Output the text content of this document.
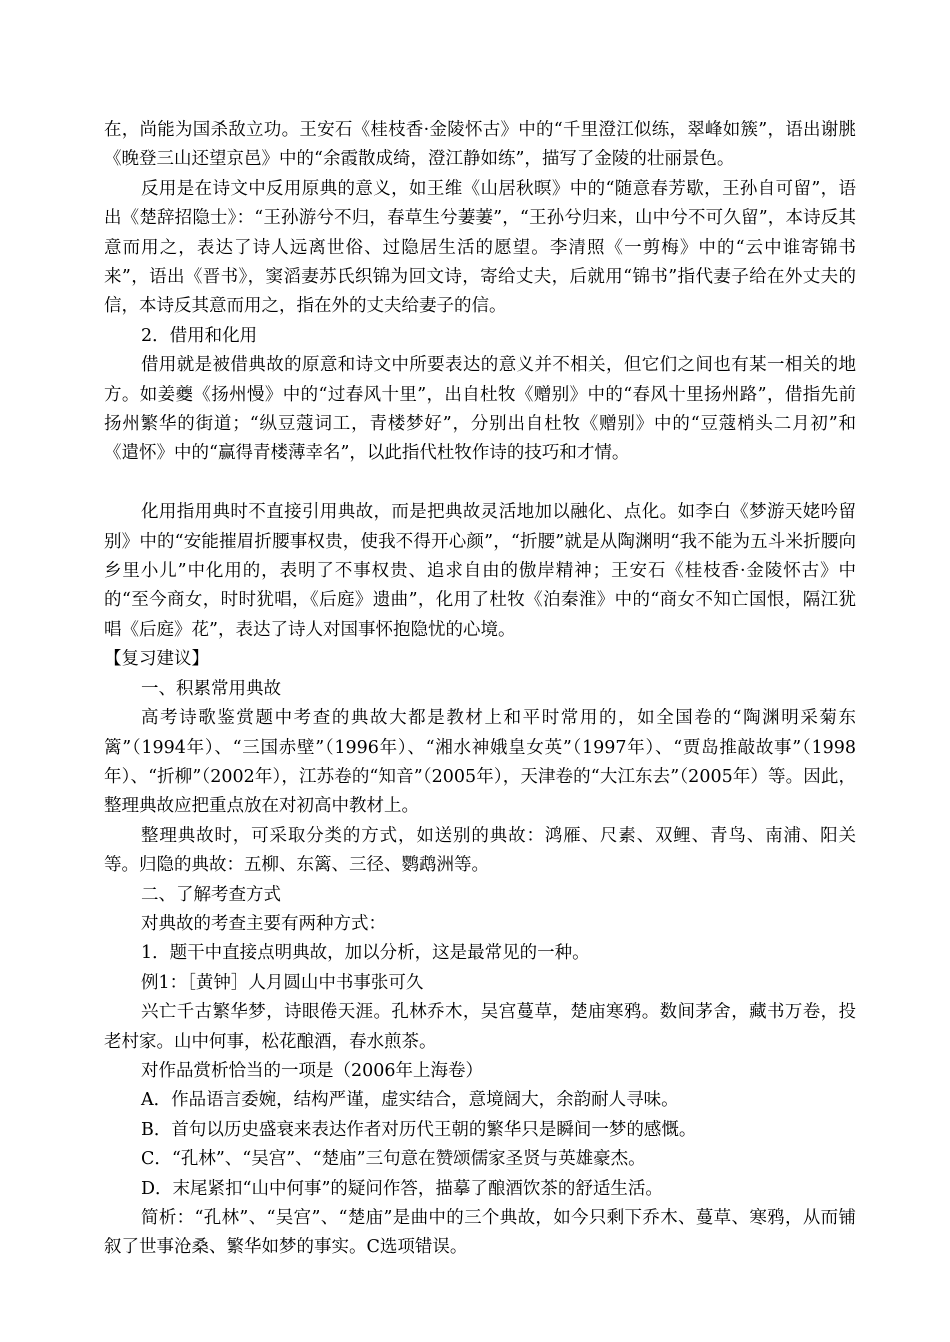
在，尚能为国杀敌立功。王安石《桂枝香·金陵怀古》中的“千里澄江似练，翠峰如簇”，语出谢朓《晚登三山还望京邑》中的“余霞散成绮，澄江静如练”，描写了金陵的壮丽景色。

反用是在诗文中反用原典的意义，如王维《山居秋暝》中的“随意春芳歇，王孙自可留”，语出《楚辞招隐士》：“王孙游兮不归，春草生兮萋萋”，“王孙兮归来，山中兮不可久留”，本诗反其意而用之，表达了诗人远离世俗、过隐居生活的愿望。李清照《一剪梅》中的“云中谁寄锦书来”，语出《晋书》，窦滔妻苏氏织锦为回文诗，寄给丈夫，后就用“锦书”指代妻子给在外丈夫的信，本诗反其意而用之，指在外的丈夫给妻子的信。

2．借用和化用

借用就是被借典故的原意和诗文中所要表达的意义并不相关，但它们之间也有某一相关的地方。如姜夔《扬州慢》中的“过春风十里”，出自杜牧《赠别》中的“春风十里扬州路”，借指先前扬州繁华的街道；“纵豆蔻词工，青楼梦好”，分别出自杜牧《赠别》中的“豆蔻梢头二月初”和《遣怀》中的“赢得青楼薄幸名”，以此指代杜牧作诗的技巧和才情。

化用指用典时不直接引用典故，而是把典故灵活地加以融化、点化。如李白《梦游天姥吟留别》中的“安能摧眉折腰事权贵，使我不得开心颜”，“折腰”就是从陶渊明“我不能为五斗米折腰向乡里小儿”中化用的，表明了不事权贵、追求自由的傲岸精神；王安石《桂枝香·金陵怀古》中的“至今商女，时时犹唱，《后庭》遗曲”，化用了杜牧《泊秦淮》中的“商女不知亡国恨，隔江犹唱《后庭》花”，表达了诗人对国事怀抱隐忧的心境。

【复习建议】

一、积累常用典故

高考诗歌鉴赏题中考查的典故大都是教材上和平时常用的，如全国卷的“陶渊明采菊东篱”（1994年）、“三国赤壁”（1996年）、“湘水神娥皇女英”（1997年）、“贾岛推敲故事”（1998年）、“折柳”（2002年），江苏卷的“知音”（2005年），天津卷的“大江东去”（2005年）等。因此，整理典故应把重点放在对初高中教材上。

整理典故时，可采取分类的方式，如送别的典故：鸿雁、尺素、双鲤、青鸟、南浦、阳关等。归隐的典故：五柳、东篱、三径、鹦鹉洲等。

二、了解考查方式

对典故的考查主要有两种方式：

1．题干中直接点明典故，加以分析，这是最常见的一种。

例1：［黄钟］人月圆山中书事张可久

兴亡千古繁华梦，诗眼倦天涯。孔林乔木，吴宫蔓草，楚庙寒鸦。数间茅舍，藏书万卷，投老村家。山中何事，松花酿酒，春水煎茶。

对作品赏析恰当的一项是（2006年上海卷）

A．作品语言委婉，结构严谨，虚实结合，意境阔大，余韵耐人寻味。

B．首句以历史盛衰来表达作者对历代王朝的繁华只是瞬间一梦的感慨。

C．“孔林”、“吴宫”、“楚庙”三句意在赞颂儒家圣贤与英雄豪杰。

D．末尾紧扣“山中何事”的疑问作答，描摹了酿酒饮茶的舒适生活。

简析：“孔林”、“吴宫”、“楚庙”是曲中的三个典故，如今只剩下乔木、蔓草、寒鸦，从而铺叙了世事沧桑、繁华如梦的事实。C选项错误。
